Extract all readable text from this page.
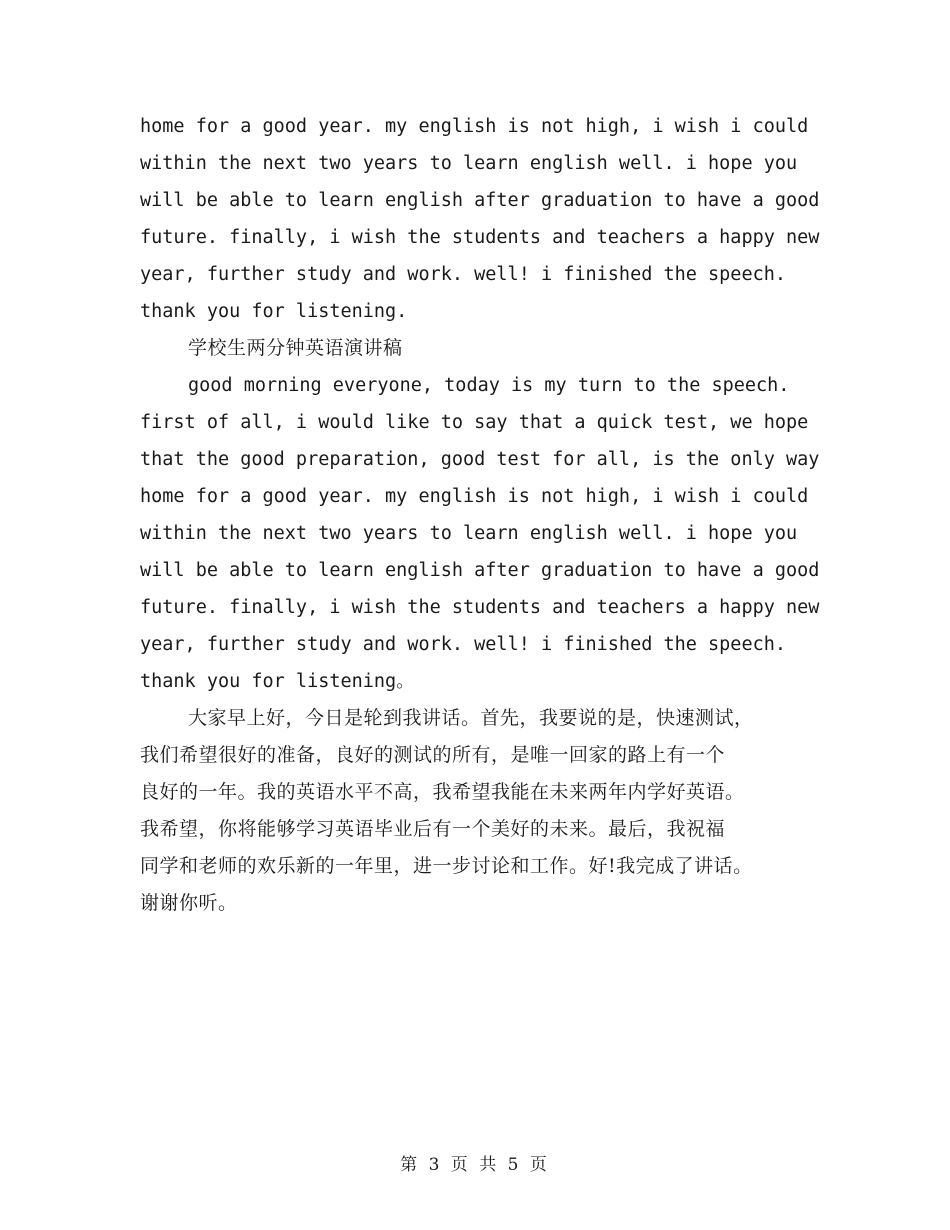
home for a good year. my english is not high, i wish i could
within the next two years to learn english well. i hope you
will be able to learn english after graduation to have a good
future. finally, i wish the students and teachers a happy new
year, further study and work. well! i finished the speech.
thank you for listening.
学校生两分钟英语演讲稿
good morning everyone, today is my turn to the speech.
first of all, i would like to say that a quick test, we hope
that the good preparation, good test for all, is the only way
home for a good year. my english is not high, i wish i could
within the next two years to learn english well. i hope you
will be able to learn english after graduation to have a good
future. finally, i wish the students and teachers a happy new
year, further study and work. well! i finished the speech.
thank you for listening。
大家早上好，今日是轮到我讲话。首先，我要说的是，快速测试，
我们希望很好的准备，良好的测试的所有，是唯一回家的路上有一个
良好的一年。我的英语水平不高，我希望我能在未来两年内学好英语。
我希望，你将能够学习英语毕业后有一个美好的未来。最后，我祝福
同学和老师的欢乐新的一年里，进一步讨论和工作。好!我完成了讲话。
谢谢你听。
第 3 页 共 5 页
